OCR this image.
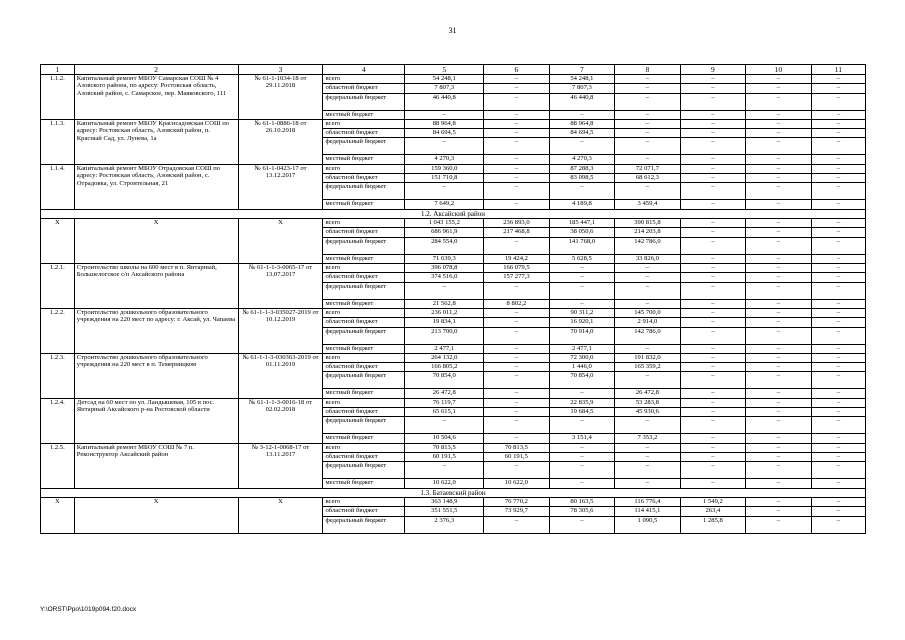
31
1	2	3	4	5	6	7	8	9	10	11
1.1.2.	Капитальный ремонт МБОУ Самарская СОШ № 4 Азовского района, по адресу: Ростовская область, Азовский район, с. Самарское, пер. Маяковского, 111	№ 61-1-1034-18 от 29.11.2018	всего	54 248,1	–	54 248,1	–	–	–	–
			областной бюджет	7 807,3	–	7 807,3	–	–	–	–
			федеральный бюджет	46 440,8	–	46 440,8	–	–	–	–
			местный бюджет	–	–	–	–	–	–	–
1.1.3.	Капитальный ремонт МБОУ Краснсадовская СОШ по адресу: Ростовская область, Азовский район, п. Красный Сад, ул. Лунева, 1а	№ 61-1-0886-18 от 26.10.2018	всего	88 964,8	–	88 964,8	–	–	–	–
			областной бюджет	84 694,5	–	84 694,5	–	–	–	–
			федеральный бюджет	–	–	–	–	–	–	–
			местный бюджет	4 270,3	–	4 270,3	–	–	–	–
1.1.4.	Капитальный ремонт МБОУ Отрадовская СОШ по адресу: Ростовская область, Азовский район, с. Отрадовка, ул. Строительная, 21	№ 61-1-0423-17 от 13.12.2017	всего	159 360,0	–	87 288,3	72 071,7	–	–	–
			областной бюджет	151 710,8	–	83 098,5	68 612,3	–	–	–
			федеральный бюджет	–	–	–	–	–	–	–
			местный бюджет	7 649,2	–	4 189,8	3 459,4	–	–	–
1.2. Аксайский район										
Х	Х	Х	всего	1 043 155,2	236 893,0	185 447,1	390 815,8	–	–	–
			областной бюджет	686 961,9	217 468,8	38 050,6	214 203,8	–	–	–
			федеральный бюджет	284 554,0	–	141 768,0	142 786,0	–	–	–
			местный бюджет	71 639,3	19 424,2	5 628,5	33 826,0	–	–	–
1.2.1.	Строительство школы на 600 мест в п. Янтарный, Большелогское с/п Аксайского района	№ 61-1-1-3-0065-17 от 13.07.2017	всего	396 078,8	166 079,5	–	–	–	–	–
			областной бюджет	374 516,0	157 277,3	–	–	–	–	–
			федеральный бюджет	–	–	–	–	–	–	–
			местный бюджет	21 562,8	8 802,2	–	–	–	–	–
1.2.2.	Строительство дошкольного образовательного учреждения на 220 мест по адресу: г. Аксай, ул. Чапаева	№ 61-1-1-3-035027-2019 от 10.12.2019	всего	236 011,2	–	90 311,2	145 700,0	–	–	–
			областной бюджет	19 834,1	–	16 920,1	2 914,0	–	–	–
			федеральный бюджет	213 700,0	–	70 914,0	142 786,0	–	–	–
			местный бюджет	2 477,1	–	2 477,1	–	–	–	–
1.2.3.	Строительство дошкольного образовательного учреждения на 220 мест в п. Темерницком	№ 61-1-1-3-030363-2019 от 01.11.2019	всего	264 132,0	–	72 300,0	191 832,0	–	–	–
			областной бюджет	166 805,2	–	1 446,0	165 359,2	–	–	–
			федеральный бюджет	70 854,0	–	70 854,0	–	–	–	–
			местный бюджет	26 472,8	–	–	26 472,8	–	–	–
1.2.4.	Детсад на 60 мест по ул. Ландышевая, 105 в пос. Янтарный Аксайского р-на Ростовской области	№ 61-1-1-3-0016-18 от 02.02.2018	всего	76 119,7	–	22 835,9	53 283,8	–	–	–
			областной бюджет	65 615,1	–	19 684,5	45 930,6	–	–	–
			федеральный бюджет	–	–	–	–	–	–	–
			местный бюджет	10 504,6	–	3 151,4	7 353,2	–	–	–
1.2.5.	Капитальный ремонт МБОУ СОШ № 7 п. Реконструктор Аксайский район	№ 3-12-1-0068-17 от 13.11.2017	всего	70 813,5	70 813,5	–	–	–	–	–
			областной бюджет	60 191,5	60 191,5	–	–	–	–	–
			федеральный бюджет	–	–	–	–	–	–	–
			местный бюджет	10 622,0	10 622,0	–	–	–	–	–
1.3. Батаевский район										
Х	Х	Х	всего	363 148,9	76 770,2	80 163,5	116 776,4	1 549,2	–	–
			областной бюджет	351 551,5	73 929,7	78 305,6	114 415,1	263,4	–	–
			федеральный бюджет	2 376,3	–	–	1 090,5	1 285,8	–	–
Y:\ORST\Ppo\1019p094.f20.docx
